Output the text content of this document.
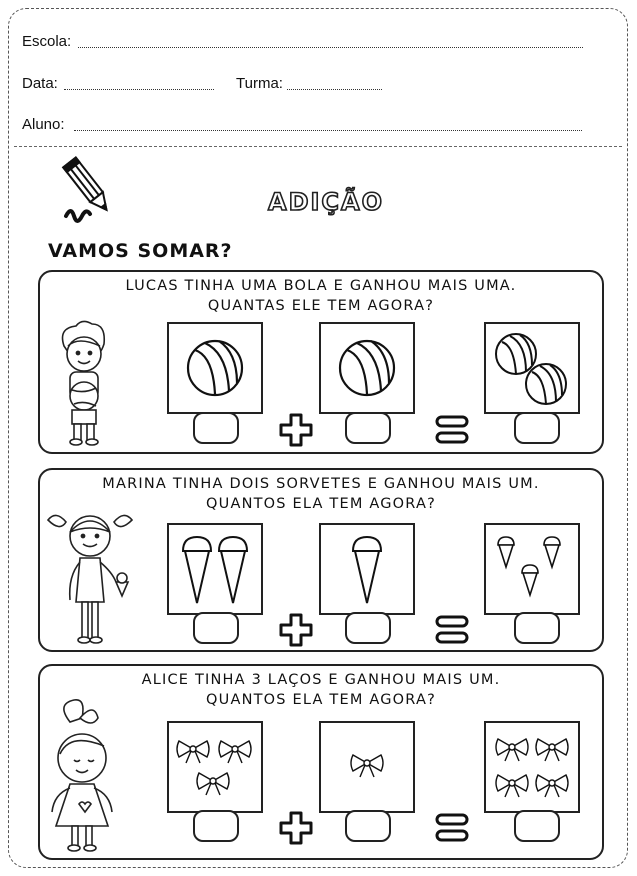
Escola:
Data:	Turma:
Aluno:
ADIÇÃO
VAMOS SOMAR?
LUCAS TINHA UMA BOLA E GANHOU MAIS UMA.
QUANTAS ELE TEM AGORA?
MARINA TINHA DOIS SORVETES E GANHOU MAIS UM.
QUANTOS ELA TEM AGORA?
ALICE TINHA 3 LAÇOS E GANHOU MAIS UM.
QUANTOS ELA TEM AGORA?
